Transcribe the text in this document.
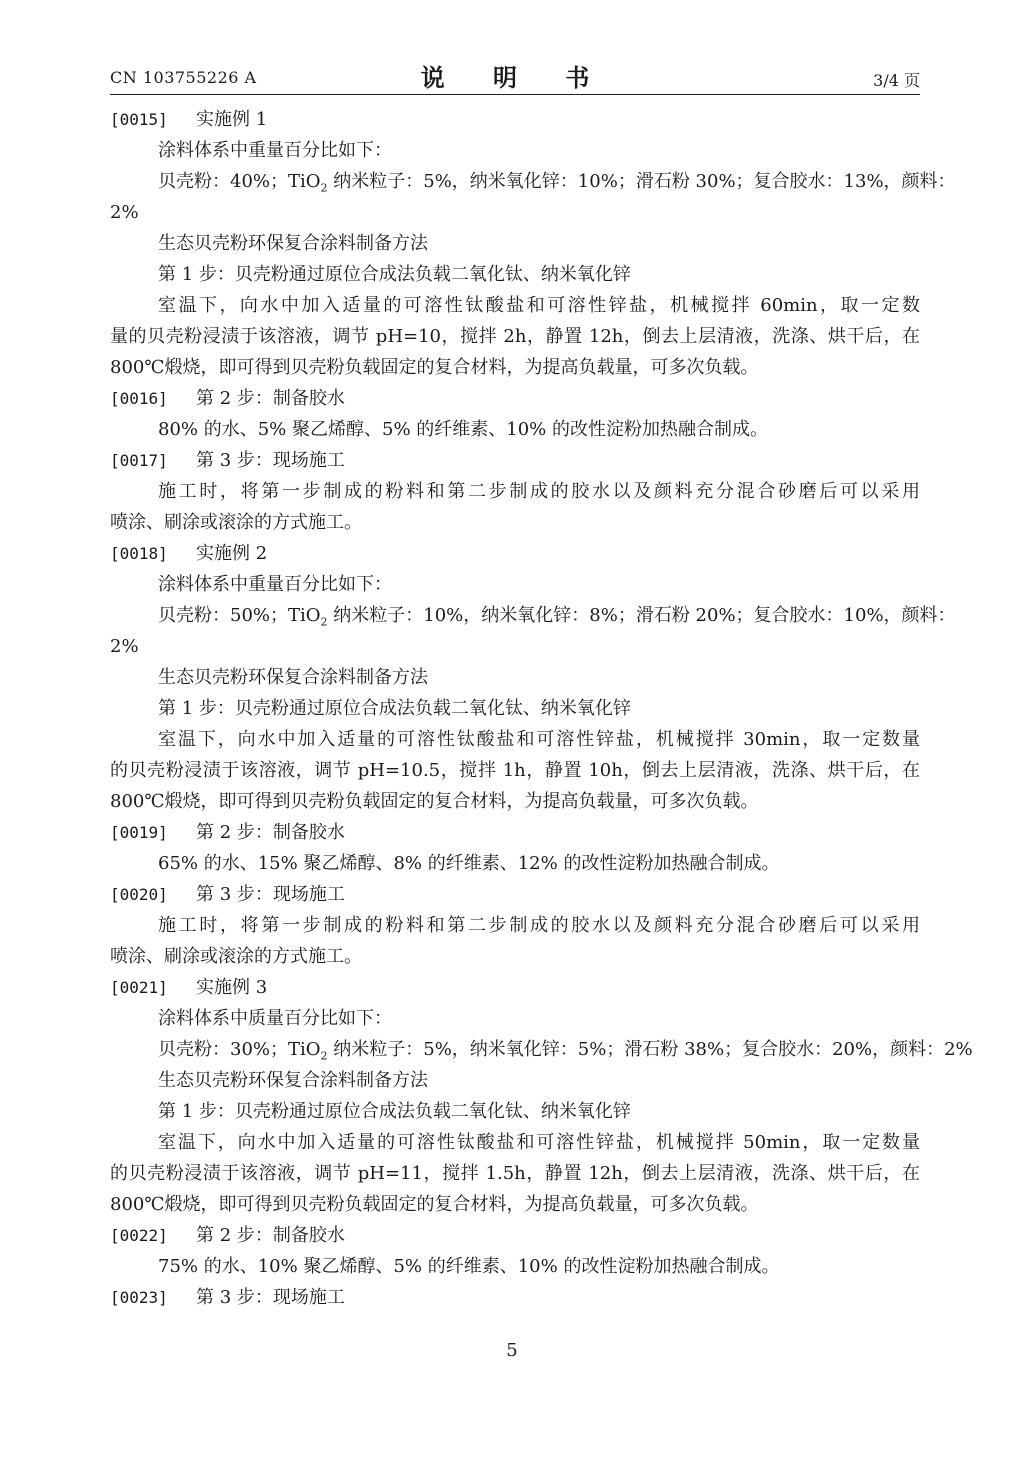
CN 103755226 A	说 明 书	3/4 页
[0015] 实施例 1
涂料体系中重量百分比如下：
贝壳粉：40%；TiO$_2$ 纳米粒子：5%，纳米氧化锌：10%；滑石粉 30%；复合胶水：13%，颜料：
2%
生态贝壳粉环保复合涂料制备方法
第 1 步：贝壳粉通过原位合成法负载二氧化钛、纳米氧化锌
室温下，向水中加入适量的可溶性钛酸盐和可溶性锌盐，机械搅拌 60min，取一定数
量的贝壳粉浸渍于该溶液，调节 pH=10，搅拌 2h，静置 12h，倒去上层清液，洗涤、烘干后，在
800℃煅烧，即可得到贝壳粉负载固定的复合材料，为提高负载量，可多次负载。
[0016] 第 2 步：制备胶水
80% 的水、5% 聚乙烯醇、5% 的纤维素、10% 的改性淀粉加热融合制成。
[0017] 第 3 步：现场施工
施工时，将第一步制成的粉料和第二步制成的胶水以及颜料充分混合砂磨后可以采用
喷涂、刷涂或滚涂的方式施工。
[0018] 实施例 2
涂料体系中重量百分比如下：
贝壳粉：50%；TiO$_2$ 纳米粒子：10%，纳米氧化锌：8%；滑石粉 20%；复合胶水：10%，颜料：
2%
生态贝壳粉环保复合涂料制备方法
第 1 步：贝壳粉通过原位合成法负载二氧化钛、纳米氧化锌
室温下，向水中加入适量的可溶性钛酸盐和可溶性锌盐，机械搅拌 30min，取一定数量
的贝壳粉浸渍于该溶液，调节 pH=10.5，搅拌 1h，静置 10h，倒去上层清液，洗涤、烘干后，在
800℃煅烧，即可得到贝壳粉负载固定的复合材料，为提高负载量，可多次负载。
[0019] 第 2 步：制备胶水
65% 的水、15% 聚乙烯醇、8% 的纤维素、12% 的改性淀粉加热融合制成。
[0020] 第 3 步：现场施工
施工时，将第一步制成的粉料和第二步制成的胶水以及颜料充分混合砂磨后可以采用
喷涂、刷涂或滚涂的方式施工。
[0021] 实施例 3
涂料体系中质量百分比如下：
贝壳粉：30%；TiO$_2$ 纳米粒子：5%，纳米氧化锌：5%；滑石粉 38%；复合胶水：20%，颜料：2%
生态贝壳粉环保复合涂料制备方法
第 1 步：贝壳粉通过原位合成法负载二氧化钛、纳米氧化锌
室温下，向水中加入适量的可溶性钛酸盐和可溶性锌盐，机械搅拌 50min，取一定数量
的贝壳粉浸渍于该溶液，调节 pH=11，搅拌 1.5h，静置 12h，倒去上层清液，洗涤、烘干后，在
800℃煅烧，即可得到贝壳粉负载固定的复合材料，为提高负载量，可多次负载。
[0022] 第 2 步：制备胶水
75% 的水、10% 聚乙烯醇、5% 的纤维素、10% 的改性淀粉加热融合制成。
[0023] 第 3 步：现场施工
5
